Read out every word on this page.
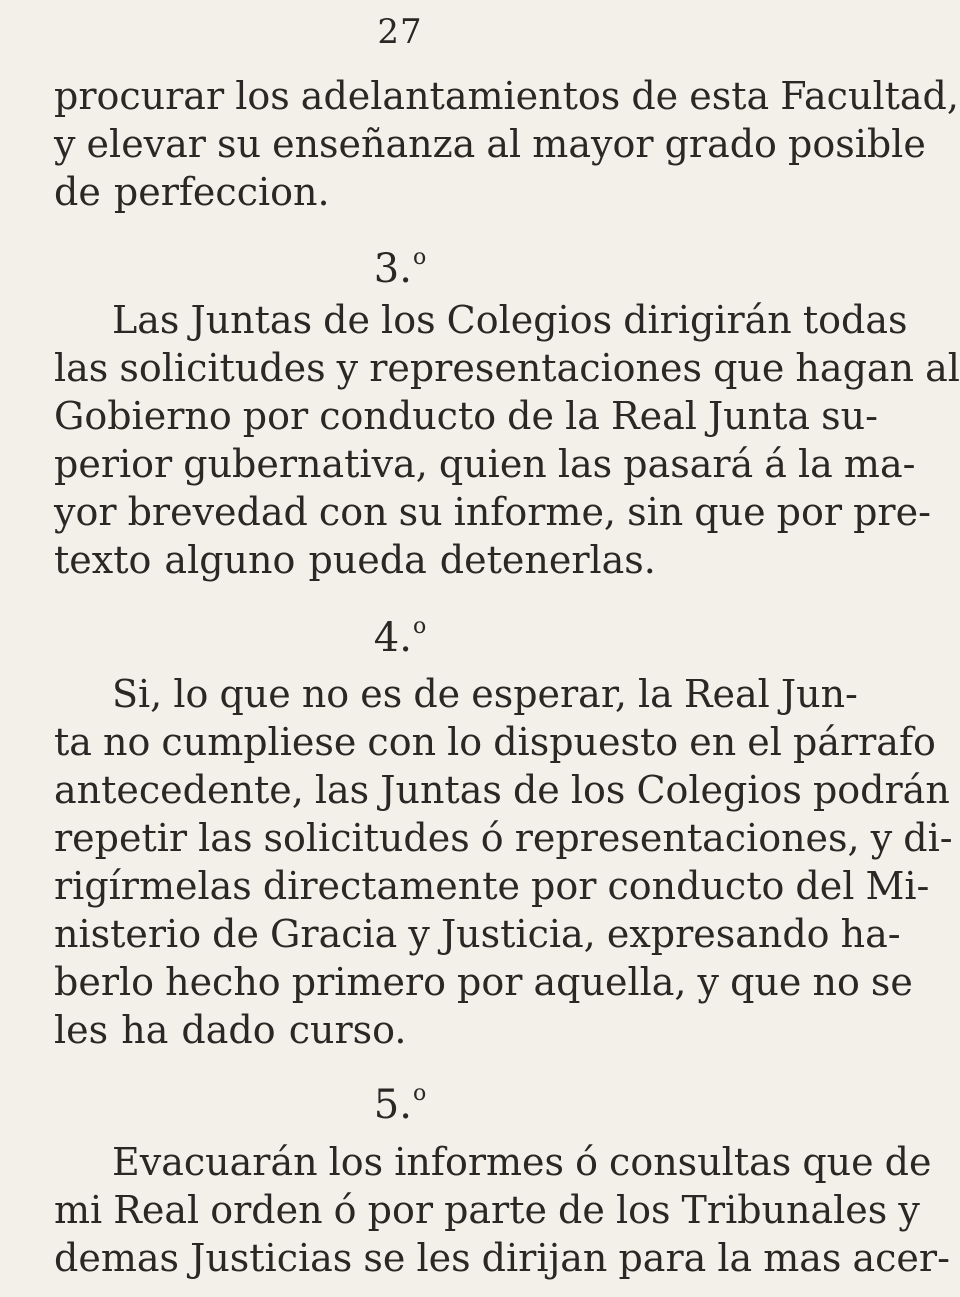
27
procurar los adelantamientos de esta Facultad,
y elevar su enseñanza al mayor grado posible
de perfeccion.
3.$^o$
Las Juntas de los Colegios dirigirán todas
las solicitudes y representaciones que hagan al
Gobierno por conducto de la Real Junta su-
perior gubernativa, quien las pasará á la ma-
yor brevedad con su informe, sin que por pre-
texto alguno pueda detenerlas.
4.$^o$
Si, lo que no es de esperar, la Real Jun-
ta no cumpliese con lo dispuesto en el párrafo
antecedente, las Juntas de los Colegios podrán
repetir las solicitudes ó representaciones, y di-
rigírmelas directamente por conducto del Mi-
nisterio de Gracia y Justicia, expresando ha-
berlo hecho primero por aquella, y que no se
les ha dado curso.
5.$^o$
Evacuarán los informes ó consultas que de
mi Real orden ó por parte de los Tribunales y
demas Justicias se les dirijan para la mas acer-
